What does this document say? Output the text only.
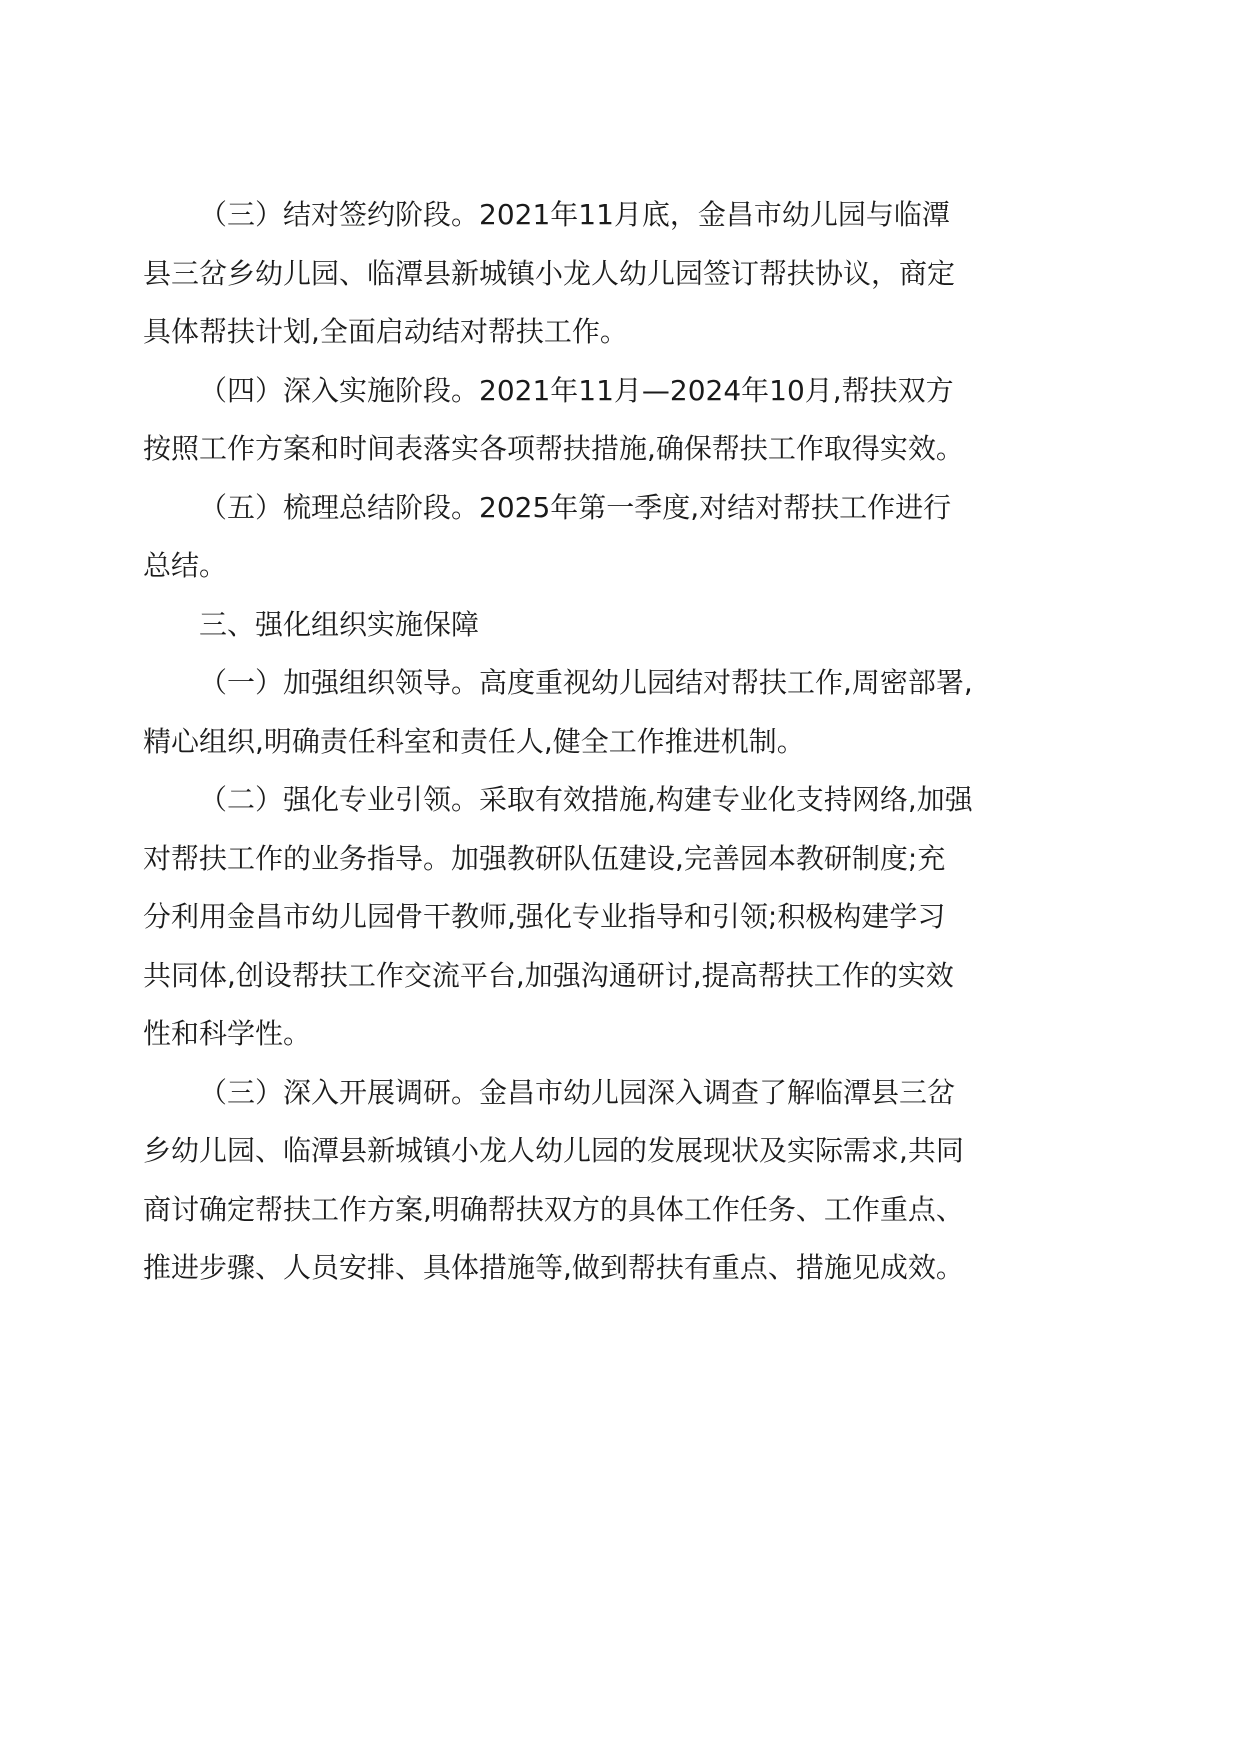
（三）结对签约阶段。2021年11月底，金昌市幼儿园与临潭县三岔乡幼儿园、临潭县新城镇小龙人幼儿园签订帮扶协议，商定具体帮扶计划,全面启动结对帮扶工作。

（四）深入实施阶段。2021年11月—2024年10月,帮扶双方按照工作方案和时间表落实各项帮扶措施,确保帮扶工作取得实效。

（五）梳理总结阶段。2025年第一季度,对结对帮扶工作进行总结。

三、强化组织实施保障

（一）加强组织领导。高度重视幼儿园结对帮扶工作,周密部署,精心组织,明确责任科室和责任人,健全工作推进机制。

（二）强化专业引领。采取有效措施,构建专业化支持网络,加强对帮扶工作的业务指导。加强教研队伍建设,完善园本教研制度;充分利用金昌市幼儿园骨干教师,强化专业指导和引领;积极构建学习共同体,创设帮扶工作交流平台,加强沟通研讨,提高帮扶工作的实效性和科学性。

（三）深入开展调研。金昌市幼儿园深入调查了解临潭县三岔乡幼儿园、临潭县新城镇小龙人幼儿园的发展现状及实际需求,共同商讨确定帮扶工作方案,明确帮扶双方的具体工作任务、工作重点、推进步骤、人员安排、具体措施等,做到帮扶有重点、措施见成效。
